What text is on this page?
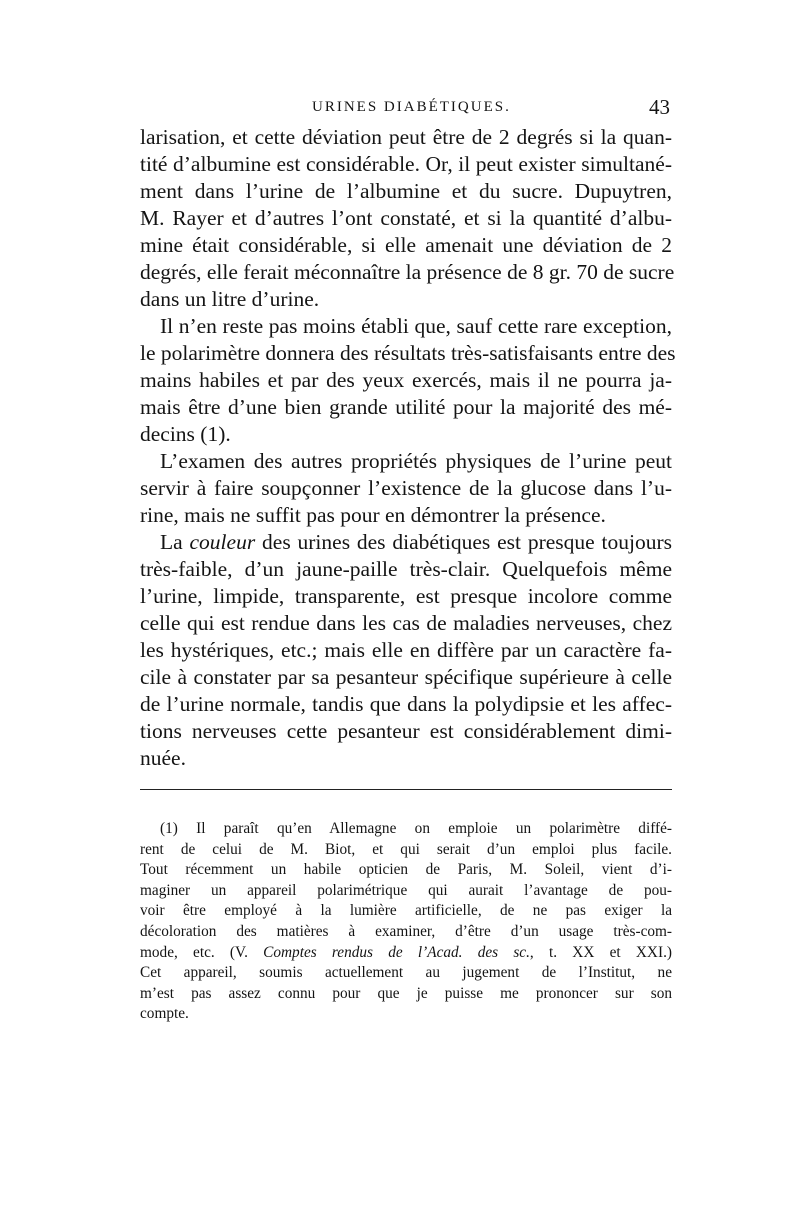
URINES DIABÉTIQUES.	43
larisation, et cette déviation peut être de 2 degrés si la quan-
tité d’albumine est considérable. Or, il peut exister simultané-
ment dans l’urine de l’albumine et du sucre. Dupuytren,
M. Rayer et d’autres l’ont constaté, et si la quantité d’albu-
mine était considérable, si elle amenait une déviation de 2
degrés, elle ferait méconnaître la présence de 8 gr. 70 de sucre
dans un litre d’urine.
Il n’en reste pas moins établi que, sauf cette rare exception,
le polarimètre donnera des résultats très-satisfaisants entre des
mains habiles et par des yeux exercés, mais il ne pourra ja-
mais être d’une bien grande utilité pour la majorité des mé-
decins (1).
L’examen des autres propriétés physiques de l’urine peut
servir à faire soupçonner l’existence de la glucose dans l’u-
rine, mais ne suffit pas pour en démontrer la présence.
La couleur des urines des diabétiques est presque toujours
très-faible, d’un jaune-paille très-clair. Quelquefois même
l’urine, limpide, transparente, est presque incolore comme
celle qui est rendue dans les cas de maladies nerveuses, chez
les hystériques, etc.; mais elle en diffère par un caractère fa-
cile à constater par sa pesanteur spécifique supérieure à celle
de l’urine normale, tandis que dans la polydipsie et les affec-
tions nerveuses cette pesanteur est considérablement dimi-
nuée.
(1) Il paraît qu’en Allemagne on emploie un polarimètre diffé-
rent de celui de M. Biot, et qui serait d’un emploi plus facile.
Tout récemment un habile opticien de Paris, M. Soleil, vient d’i-
maginer un appareil polarimétrique qui aurait l’avantage de pou-
voir être employé à la lumière artificielle, de ne pas exiger la
décoloration des matières à examiner, d’être d’un usage très-com-
mode, etc. (V. Comptes rendus de l’Acad. des sc., t. XX et XXI.)
Cet appareil, soumis actuellement au jugement de l’Institut, ne
m’est pas assez connu pour que je puisse me prononcer sur son
compte.
